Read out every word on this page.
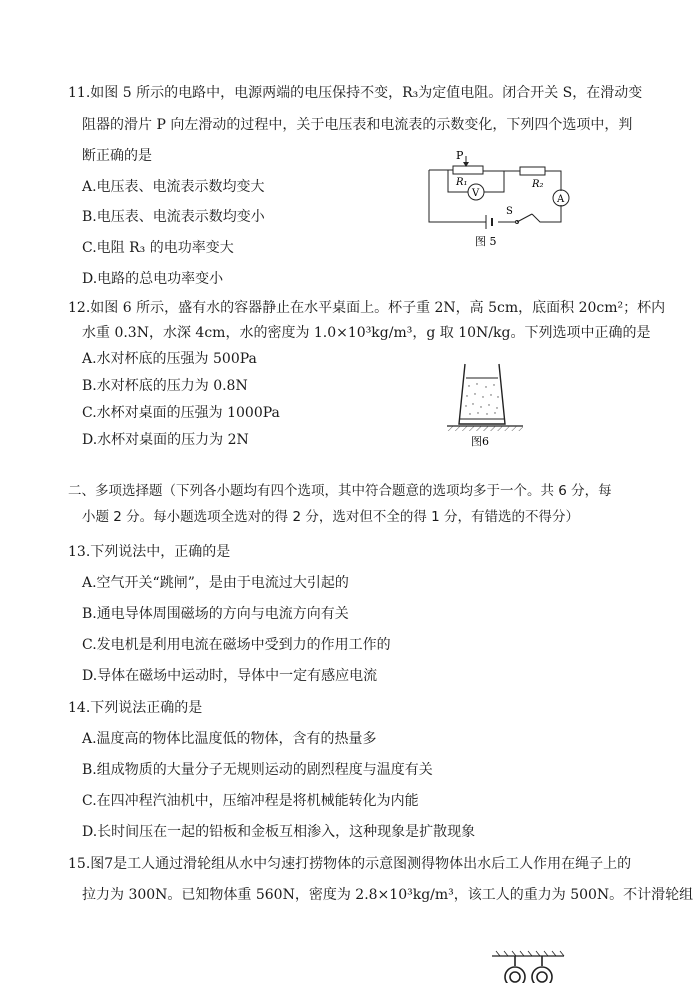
11.如图 5 所示的电路中，电源两端的电压保持不变，R₃为定值电阻。闭合开关 S，在滑动变
阻器的滑片 P 向左滑动的过程中，关于电压表和电流表的示数变化，下列四个选项中，判
断正确的是
A.电压表、电流表示数均变大
B.电压表、电流表示数均变小
C.电阻 R₃ 的电功率变大
D.电路的总电功率变小
P
R₁	R₂
V
A
S
图 5
12.如图 6 所示，盛有水的容器静止在水平桌面上。杯子重 2N，高 5cm，底面积 20cm²；杯内
水重 0.3N，水深 4cm，水的密度为 1.0×10³kg/m³，g 取 10N/kg。下列选项中正确的是
A.水对杯底的压强为 500Pa
B.水对杯底的压力为 0.8N
C.水杯对桌面的压强为 1000Pa
D.水杯对桌面的压力为 2N	图6
二、多项选择题（下列各小题均有四个选项，其中符合题意的选项均多于一个。共 6 分，每
小题 2 分。每小题选项全选对的得 2 分，选对但不全的得 1 分，有错选的不得分）
13.下列说法中，正确的是
A.空气开关“跳闸”，是由于电流过大引起的
B.通电导体周围磁场的方向与电流方向有关
C.发电机是利用电流在磁场中受到力的作用工作的
D.导体在磁场中运动时，导体中一定有感应电流
14.下列说法正确的是
A.温度高的物体比温度低的物体，含有的热量多
B.组成物质的大量分子无规则运动的剧烈程度与温度有关
C.在四冲程汽油机中，压缩冲程是将机械能转化为内能
D.长时间压在一起的铅板和金板互相渗入，这种现象是扩散现象
15.图7是工人通过滑轮组从水中匀速打捞物体的示意图测得物体出水后工人作用在绳子上的
拉力为 300N。已知物体重 560N，密度为 2.8×10³kg/m³，该工人的重力为 500N。不计滑轮组
